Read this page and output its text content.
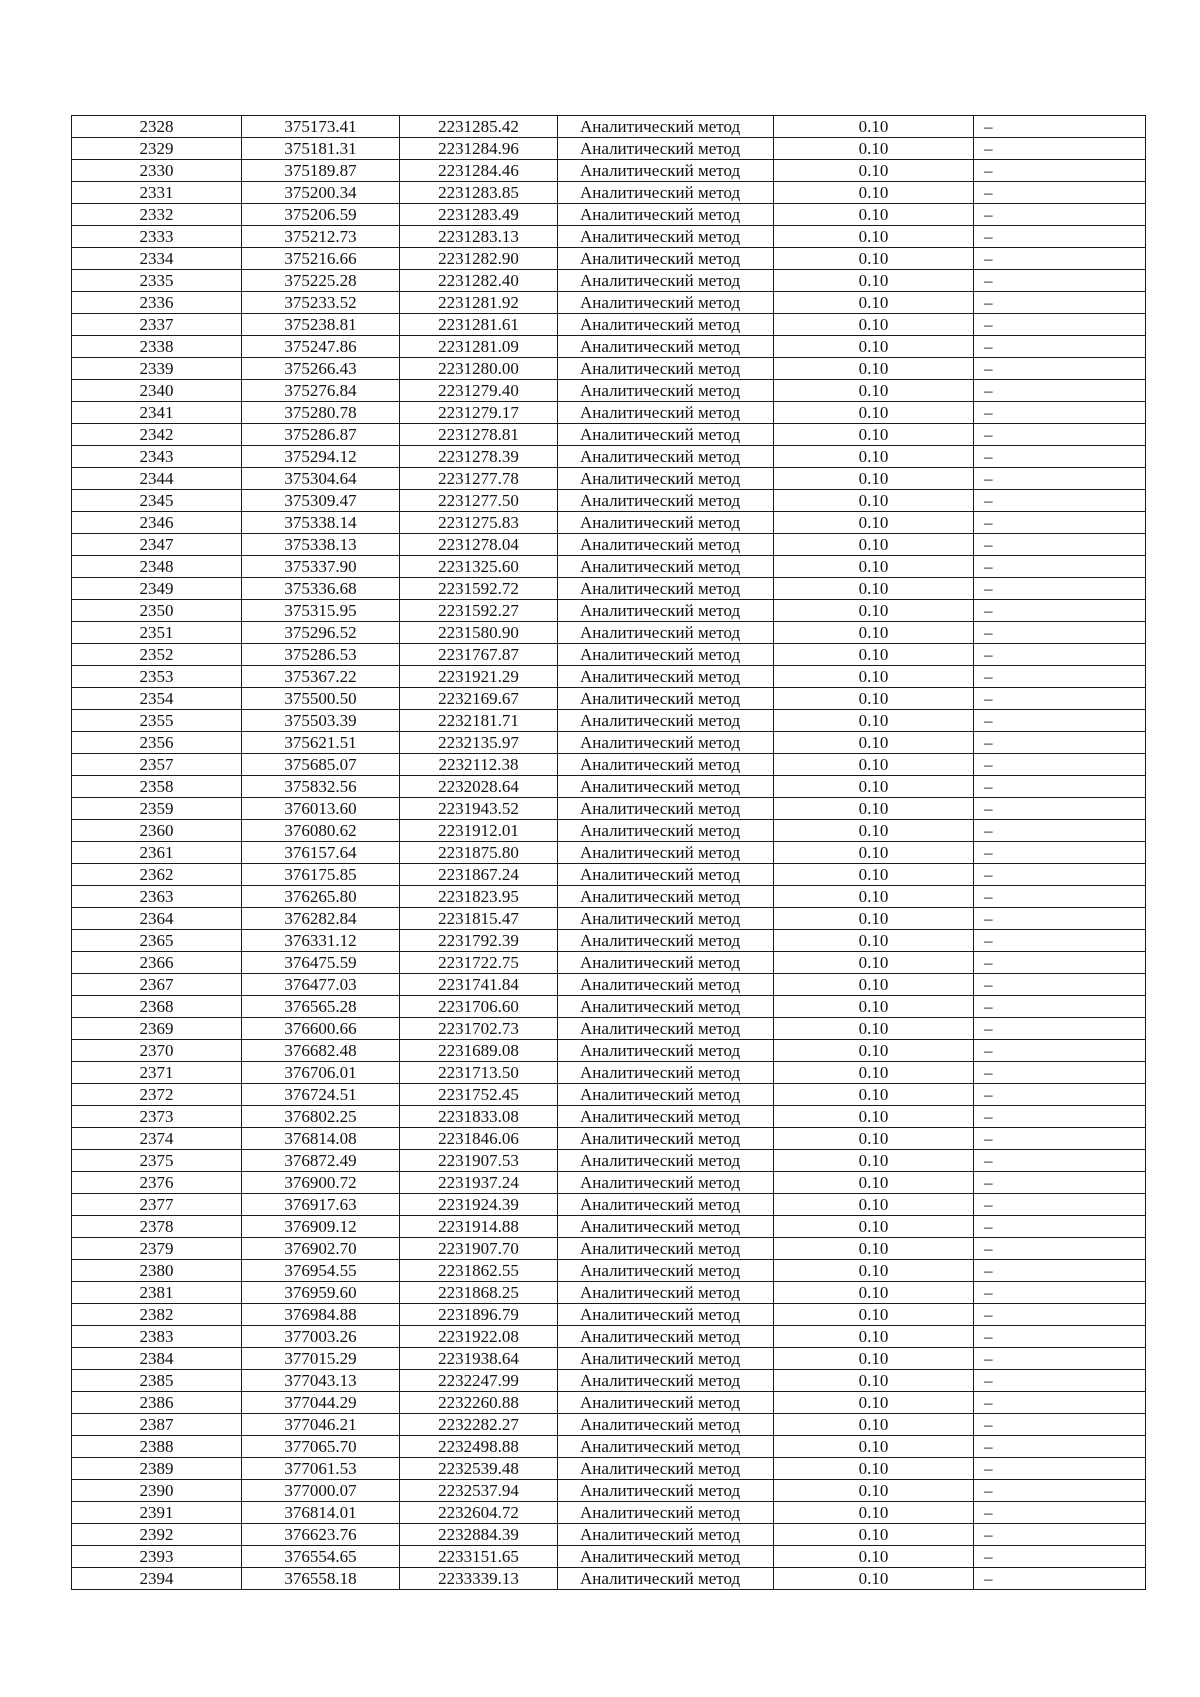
2328	375173.41	2231285.42	Аналитический метод	0.10	–
2329	375181.31	2231284.96	Аналитический метод	0.10	–
2330	375189.87	2231284.46	Аналитический метод	0.10	–
2331	375200.34	2231283.85	Аналитический метод	0.10	–
2332	375206.59	2231283.49	Аналитический метод	0.10	–
2333	375212.73	2231283.13	Аналитический метод	0.10	–
2334	375216.66	2231282.90	Аналитический метод	0.10	–
2335	375225.28	2231282.40	Аналитический метод	0.10	–
2336	375233.52	2231281.92	Аналитический метод	0.10	–
2337	375238.81	2231281.61	Аналитический метод	0.10	–
2338	375247.86	2231281.09	Аналитический метод	0.10	–
2339	375266.43	2231280.00	Аналитический метод	0.10	–
2340	375276.84	2231279.40	Аналитический метод	0.10	–
2341	375280.78	2231279.17	Аналитический метод	0.10	–
2342	375286.87	2231278.81	Аналитический метод	0.10	–
2343	375294.12	2231278.39	Аналитический метод	0.10	–
2344	375304.64	2231277.78	Аналитический метод	0.10	–
2345	375309.47	2231277.50	Аналитический метод	0.10	–
2346	375338.14	2231275.83	Аналитический метод	0.10	–
2347	375338.13	2231278.04	Аналитический метод	0.10	–
2348	375337.90	2231325.60	Аналитический метод	0.10	–
2349	375336.68	2231592.72	Аналитический метод	0.10	–
2350	375315.95	2231592.27	Аналитический метод	0.10	–
2351	375296.52	2231580.90	Аналитический метод	0.10	–
2352	375286.53	2231767.87	Аналитический метод	0.10	–
2353	375367.22	2231921.29	Аналитический метод	0.10	–
2354	375500.50	2232169.67	Аналитический метод	0.10	–
2355	375503.39	2232181.71	Аналитический метод	0.10	–
2356	375621.51	2232135.97	Аналитический метод	0.10	–
2357	375685.07	2232112.38	Аналитический метод	0.10	–
2358	375832.56	2232028.64	Аналитический метод	0.10	–
2359	376013.60	2231943.52	Аналитический метод	0.10	–
2360	376080.62	2231912.01	Аналитический метод	0.10	–
2361	376157.64	2231875.80	Аналитический метод	0.10	–
2362	376175.85	2231867.24	Аналитический метод	0.10	–
2363	376265.80	2231823.95	Аналитический метод	0.10	–
2364	376282.84	2231815.47	Аналитический метод	0.10	–
2365	376331.12	2231792.39	Аналитический метод	0.10	–
2366	376475.59	2231722.75	Аналитический метод	0.10	–
2367	376477.03	2231741.84	Аналитический метод	0.10	–
2368	376565.28	2231706.60	Аналитический метод	0.10	–
2369	376600.66	2231702.73	Аналитический метод	0.10	–
2370	376682.48	2231689.08	Аналитический метод	0.10	–
2371	376706.01	2231713.50	Аналитический метод	0.10	–
2372	376724.51	2231752.45	Аналитический метод	0.10	–
2373	376802.25	2231833.08	Аналитический метод	0.10	–
2374	376814.08	2231846.06	Аналитический метод	0.10	–
2375	376872.49	2231907.53	Аналитический метод	0.10	–
2376	376900.72	2231937.24	Аналитический метод	0.10	–
2377	376917.63	2231924.39	Аналитический метод	0.10	–
2378	376909.12	2231914.88	Аналитический метод	0.10	–
2379	376902.70	2231907.70	Аналитический метод	0.10	–
2380	376954.55	2231862.55	Аналитический метод	0.10	–
2381	376959.60	2231868.25	Аналитический метод	0.10	–
2382	376984.88	2231896.79	Аналитический метод	0.10	–
2383	377003.26	2231922.08	Аналитический метод	0.10	–
2384	377015.29	2231938.64	Аналитический метод	0.10	–
2385	377043.13	2232247.99	Аналитический метод	0.10	–
2386	377044.29	2232260.88	Аналитический метод	0.10	–
2387	377046.21	2232282.27	Аналитический метод	0.10	–
2388	377065.70	2232498.88	Аналитический метод	0.10	–
2389	377061.53	2232539.48	Аналитический метод	0.10	–
2390	377000.07	2232537.94	Аналитический метод	0.10	–
2391	376814.01	2232604.72	Аналитический метод	0.10	–
2392	376623.76	2232884.39	Аналитический метод	0.10	–
2393	376554.65	2233151.65	Аналитический метод	0.10	–
2394	376558.18	2233339.13	Аналитический метод	0.10	–
